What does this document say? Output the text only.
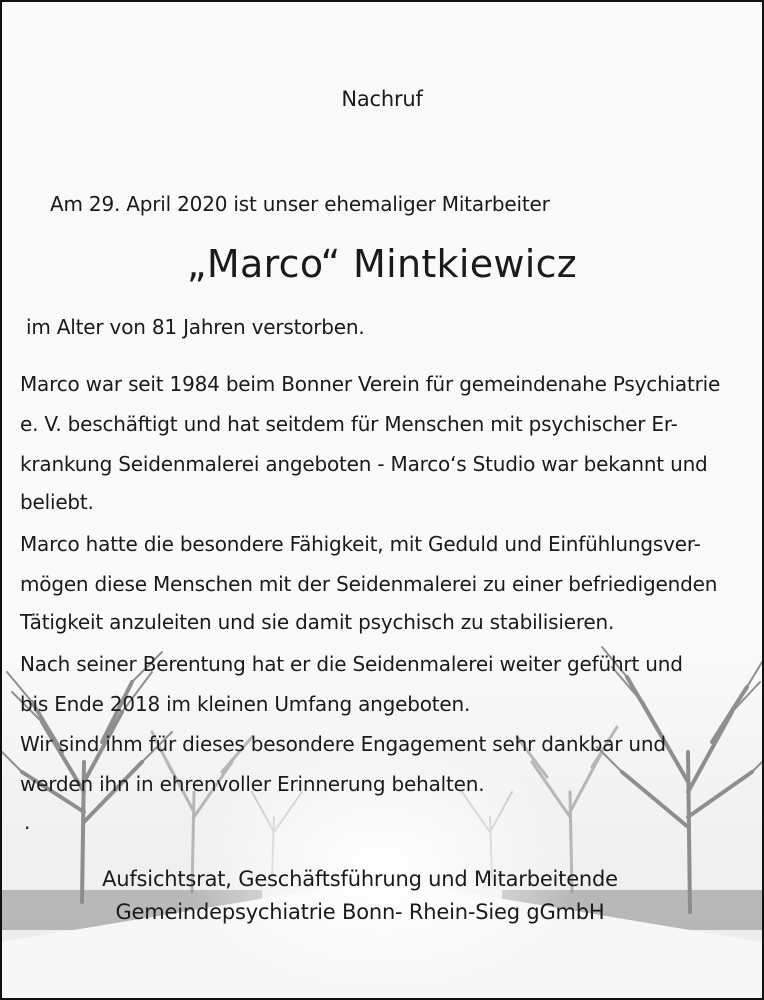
Nachruf
Am 29. April 2020 ist unser ehemaliger Mitarbeiter
„Marco“ Mintkiewicz
im Alter von 81 Jahren verstorben.
Marco war seit 1984 beim Bonner Verein für gemeindenahe Psychiatrie
e. V. beschäftigt und hat seitdem für Menschen mit psychischer Er-
krankung Seidenmalerei angeboten - Marco‘s Studio war bekannt und
beliebt.
Marco hatte die besondere Fähigkeit, mit Geduld und Einfühlungsver-
mögen diese Menschen mit der Seidenmalerei zu einer befriedigenden
Tätigkeit anzuleiten und sie damit psychisch zu stabilisieren.
Nach seiner Berentung hat er die Seidenmalerei weiter geführt und
bis Ende 2018 im kleinen Umfang angeboten.
Wir sind ihm für dieses besondere Engagement sehr dankbar und
werden ihn in ehrenvoller Erinnerung behalten.
.
Aufsichtsrat, Geschäftsführung und Mitarbeitende
Gemeindepsychiatrie Bonn- Rhein-Sieg gGmbH
